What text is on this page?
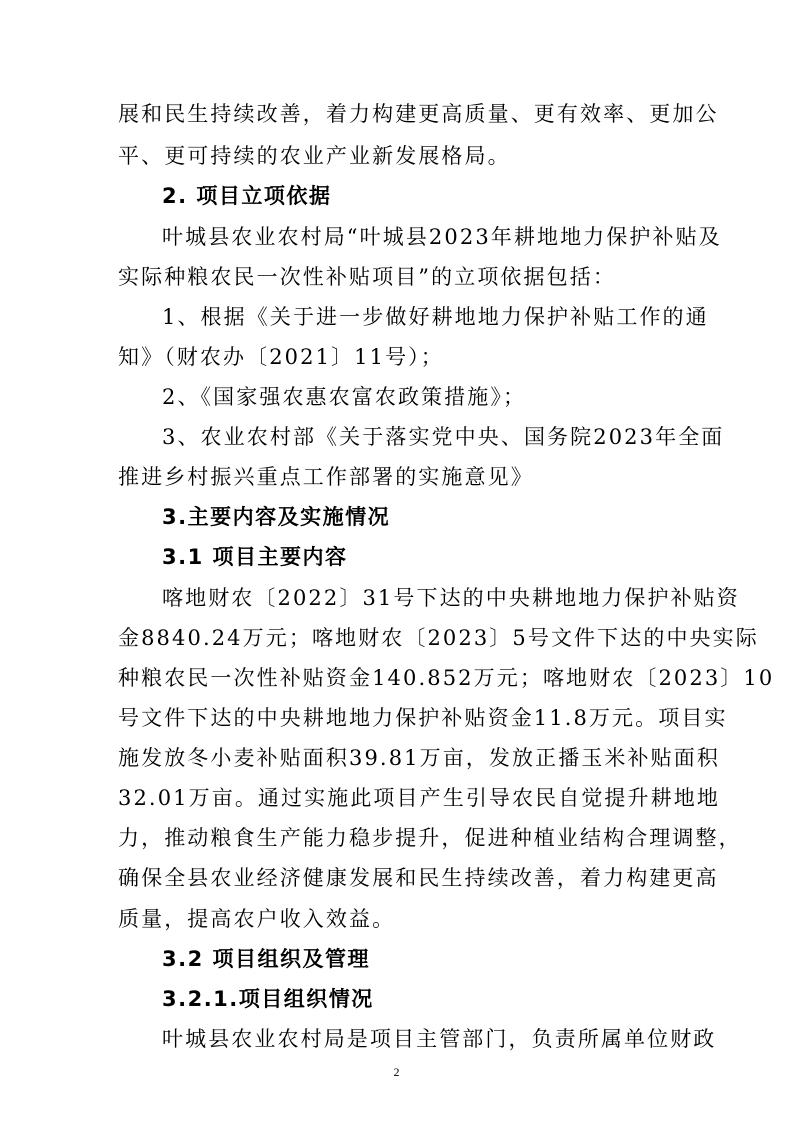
展和民生持续改善，着力构建更高质量、更有效率、更加公
平、更可持续的农业产业新发展格局。
2. 项目立项依据
叶城县农业农村局“叶城县2023年耕地地力保护补贴及
实际种粮农民一次性补贴项目”的立项依据包括：
1、根据《关于进一步做好耕地地力保护补贴工作的通
知》（财农办〔2021〕11号）；
2、《国家强农惠农富农政策措施》；
3、农业农村部《关于落实党中央、国务院2023年全面
推进乡村振兴重点工作部署的实施意见》
3.主要内容及实施情况
3.1 项目主要内容
喀地财农〔2022〕31号下达的中央耕地地力保护补贴资
金8840.24万元；喀地财农〔2023〕5号文件下达的中央实际
种粮农民一次性补贴资金140.852万元；喀地财农〔2023〕10
号文件下达的中央耕地地力保护补贴资金11.8万元。项目实
施发放冬小麦补贴面积39.81万亩，发放正播玉米补贴面积
32.01万亩。通过实施此项目产生引导农民自觉提升耕地地
力，推动粮食生产能力稳步提升，促进种植业结构合理调整，
确保全县农业经济健康发展和民生持续改善，着力构建更高
质量，提高农户收入效益。
3.2 项目组织及管理
3.2.1.项目组织情况
叶城县农业农村局是项目主管部门，负责所属单位财政
2
